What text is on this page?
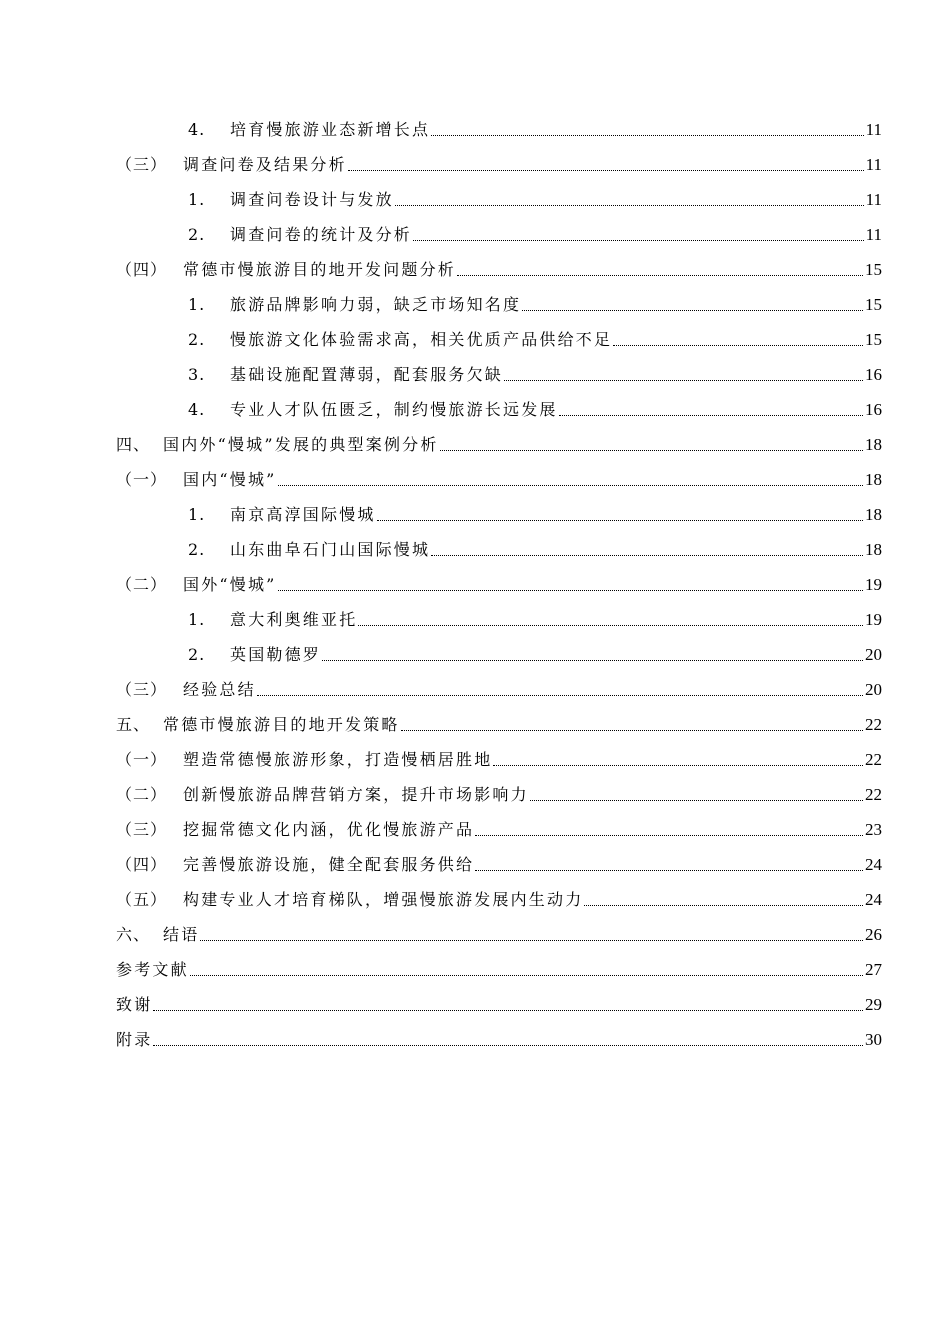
4.	培育慢旅游业态新增长点	11
（三） 调查问卷及结果分析	11
1.	调查问卷设计与发放	11
2.	调查问卷的统计及分析	11
（四） 常德市慢旅游目的地开发问题分析	15
1.	旅游品牌影响力弱，缺乏市场知名度	15
2.	慢旅游文化体验需求高，相关优质产品供给不足	15
3.	基础设施配置薄弱，配套服务欠缺	16
4.	专业人才队伍匮乏，制约慢旅游长远发展	16
四、 国内外“慢城”发展的典型案例分析	18
（一） 国内“慢城”	18
1.	南京高淳国际慢城	18
2.	山东曲阜石门山国际慢城	18
（二） 国外“慢城”	19
1.	意大利奥维亚托	19
2.	英国勒德罗	20
（三） 经验总结	20
五、 常德市慢旅游目的地开发策略	22
（一） 塑造常德慢旅游形象，打造慢栖居胜地	22
（二） 创新慢旅游品牌营销方案，提升市场影响力	22
（三） 挖掘常德文化内涵，优化慢旅游产品	23
（四） 完善慢旅游设施，健全配套服务供给	24
（五） 构建专业人才培育梯队，增强慢旅游发展内生动力	24
六、 结语	26
参考文献	27
致谢	29
附录	30
